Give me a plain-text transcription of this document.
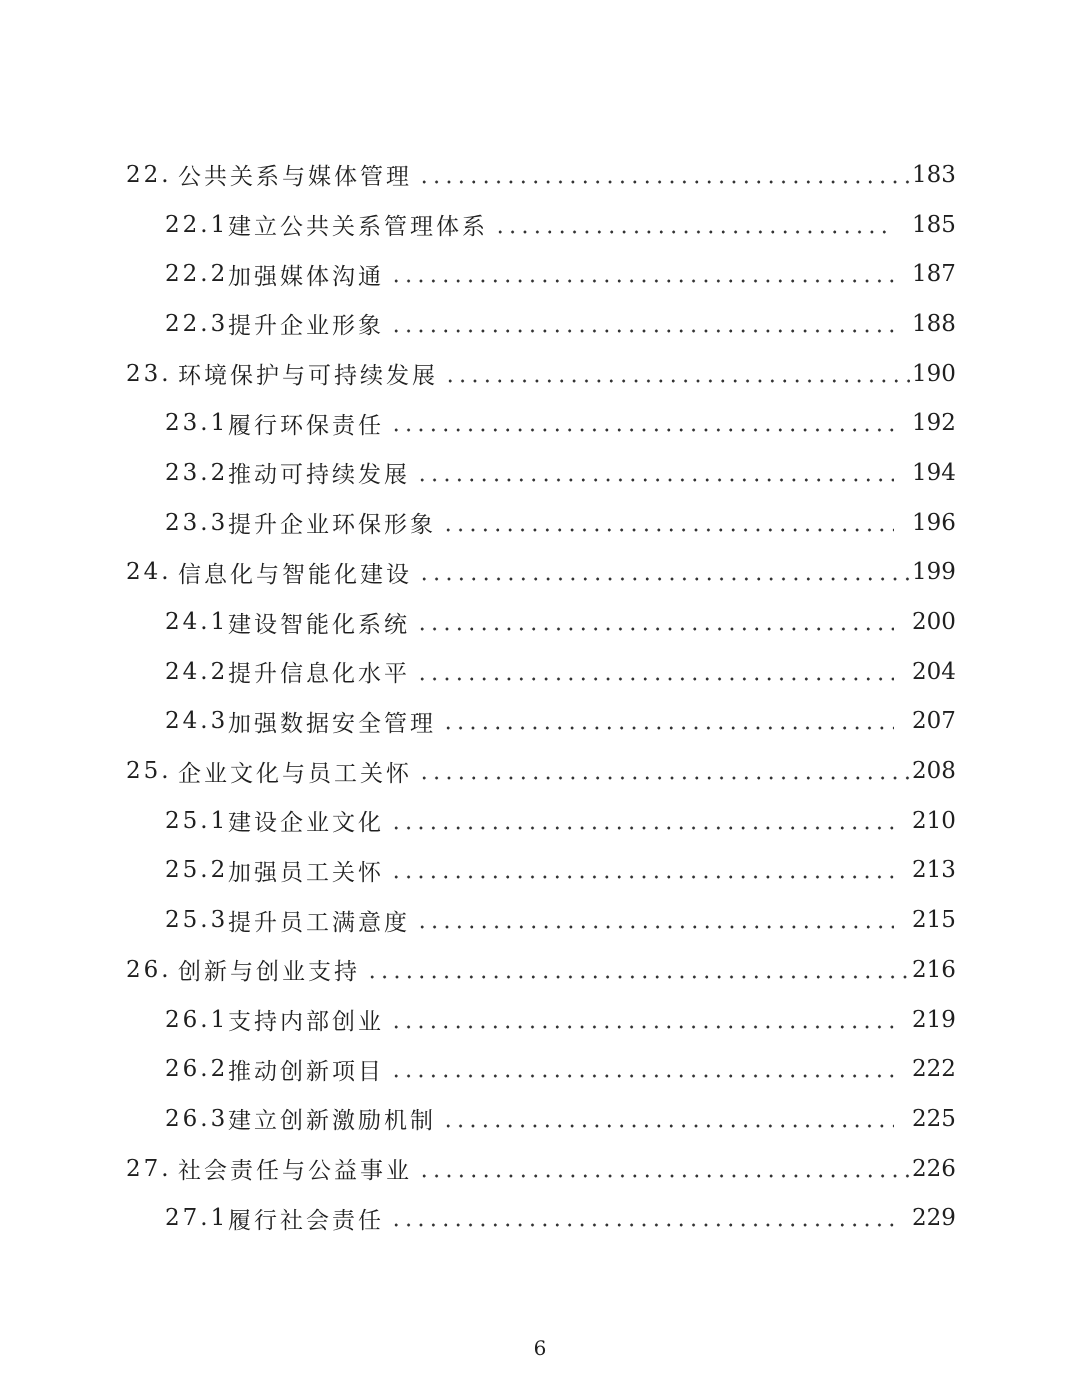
22. 公共关系与媒体管理	183
22.1 建立公共关系管理体系	185
22.2 加强媒体沟通	187
22.3 提升企业形象	188
23. 环境保护与可持续发展	190
23.1 履行环保责任	192
23.2 推动可持续发展	194
23.3 提升企业环保形象	196
24. 信息化与智能化建设	199
24.1 建设智能化系统	200
24.2 提升信息化水平	204
24.3 加强数据安全管理	207
25. 企业文化与员工关怀	208
25.1 建设企业文化	210
25.2 加强员工关怀	213
25.3 提升员工满意度	215
26. 创新与创业支持	216
26.1 支持内部创业	219
26.2 推动创新项目	222
26.3 建立创新激励机制	225
27. 社会责任与公益事业	226
27.1 履行社会责任	229
6
